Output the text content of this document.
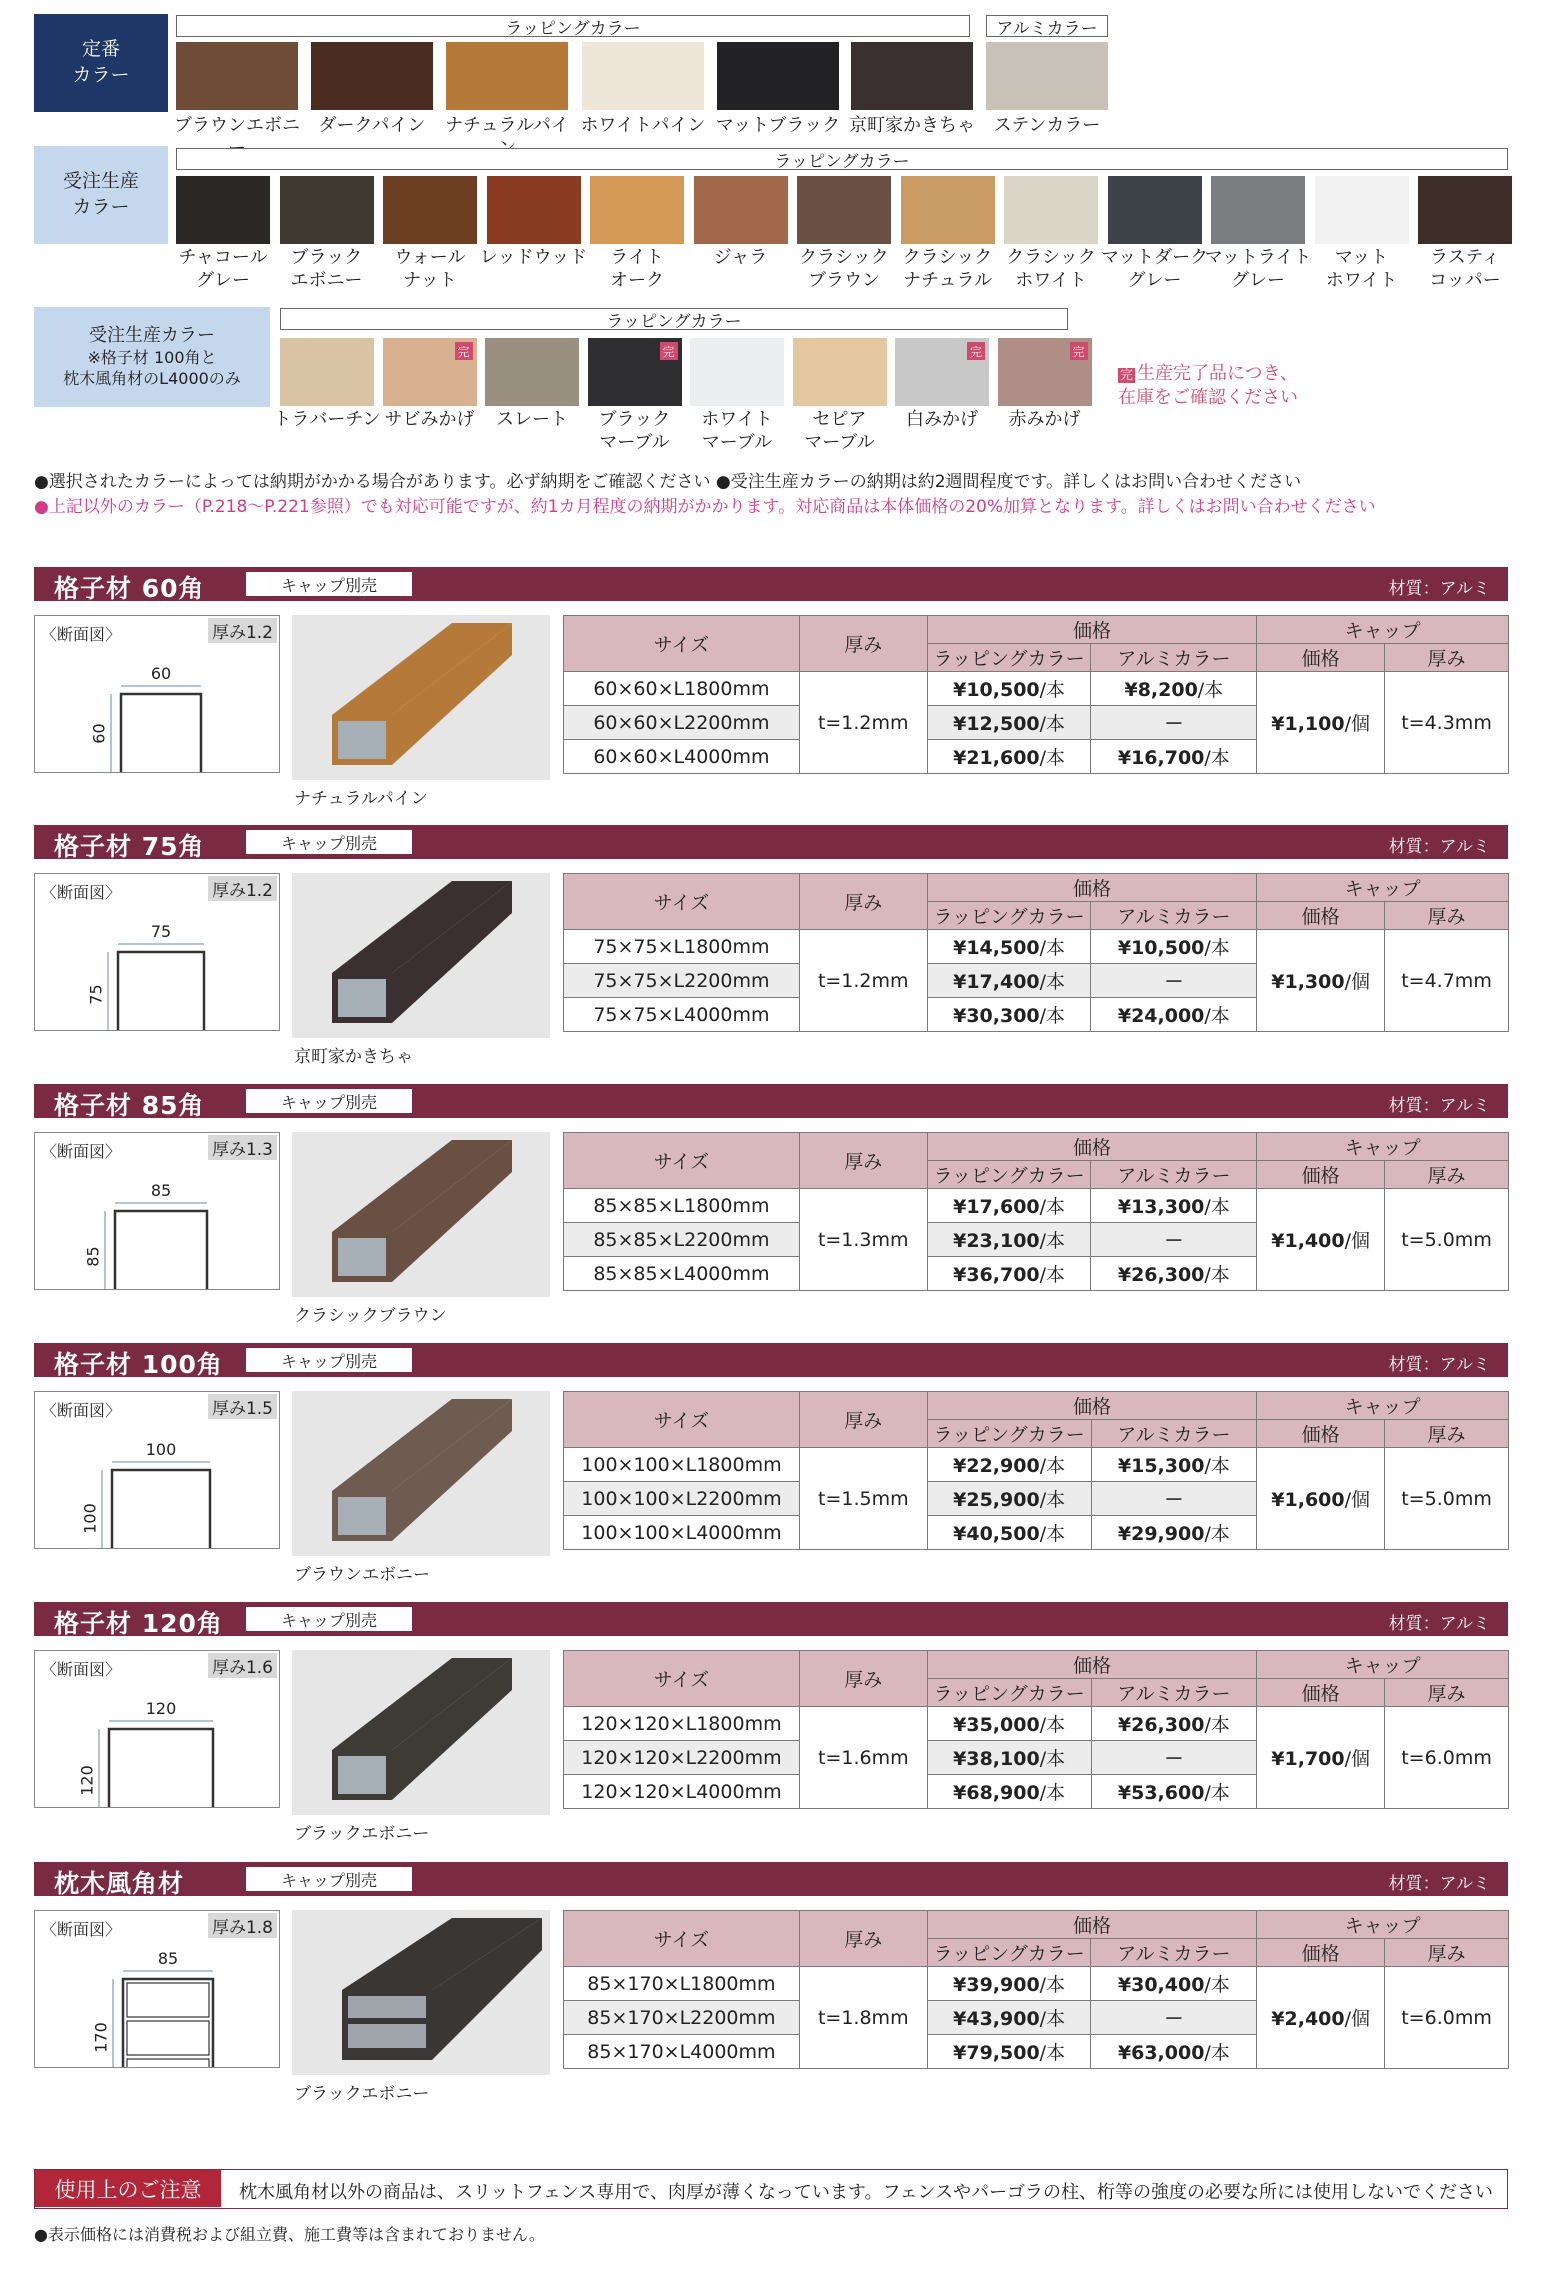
定番
カラー
ラッピングカラー	アルミカラー
ブラウンエボニ	ダークパイン	ナチュラルパイ ホワイトパイン マットブラック 京町家かきちゃ	ステンカラー
受注生産
カラー
ラッピングカラー
チャコール
グレー
ブラック
エボニー
ウォール
ナット
レッドウッド	ライト
オーク
ジャラ	クラシック
ブラウン
クラシック
ナチュラル
クラシック
ホワイト
マットダーク
グレー
マットライト
グレー
マット
ホワイト
ラスティ
コッパー
受注生産カラー
※格子材 100角と
枕木風角材のL4000のみ
ラッピングカラー
トラバーチン
完
サビみかげ	スレート
完
ブラック
マーブル
ホワイト
マーブル
セピア
マーブル
完
白みかげ
完
赤みかげ
完 生産完了品につき、
在庫をご確認ください
●選択されたカラーによっては納期がかかる場合があります。必ず納期をご確認ください ●受注生産カラーの納期は約2週間程度です。詳しくはお問い合わせください
●上記以外のカラー（P.218～P.221参照）でも対応可能ですが、約1カ月程度の納期がかかります。対応商品は本体価格の20%加算となります。詳しくはお問い合わせください
格子材 60角	キャップ別売	材質：アルミ
〈断面図〉	厚み1.2
60
60
ナチュラルパイン
サイズ	厚み	価格		キャップ	
		ラッピングカラー	アルミカラー	価格	厚み
60×60×L1800mm	t=1.2mm	¥10,500/本	¥8,200/本	¥1,100/個	t=4.3mm
60×60×L2200mm		¥12,500/本	－		
60×60×L4000mm		¥21,600/本	¥16,700/本		
格子材 75角	キャップ別売	材質：アルミ
〈断面図〉	厚み1.2
75
75
京町家かきちゃ
サイズ	厚み	価格		キャップ	
		ラッピングカラー	アルミカラー	価格	厚み
75×75×L1800mm	t=1.2mm	¥14,500/本	¥10,500/本	¥1,300/個	t=4.7mm
75×75×L2200mm		¥17,400/本	－		
75×75×L4000mm		¥30,300/本	¥24,000/本		
格子材 85角	キャップ別売	材質：アルミ
〈断面図〉	厚み1.3
85
85
クラシックブラウン
サイズ	厚み	価格		キャップ	
		ラッピングカラー	アルミカラー	価格	厚み
85×85×L1800mm	t=1.3mm	¥17,600/本	¥13,300/本	¥1,400/個	t=5.0mm
85×85×L2200mm		¥23,100/本	－		
85×85×L4000mm		¥36,700/本	¥26,300/本		
格子材 100角	キャップ別売	材質：アルミ
〈断面図〉	厚み1.5
100
100
ブラウンエボニー
サイズ	厚み	価格		キャップ	
		ラッピングカラー	アルミカラー	価格	厚み
100×100×L1800mm	t=1.5mm	¥22,900/本	¥15,300/本	¥1,600/個	t=5.0mm
100×100×L2200mm		¥25,900/本	－		
100×100×L4000mm		¥40,500/本	¥29,900/本		
格子材 120角	キャップ別売	材質：アルミ
〈断面図〉	厚み1.6
120
120
ブラックエボニー
サイズ	厚み	価格		キャップ	
		ラッピングカラー	アルミカラー	価格	厚み
120×120×L1800mm	t=1.6mm	¥35,000/本	¥26,300/本	¥1,700/個	t=6.0mm
120×120×L2200mm		¥38,100/本	－		
120×120×L4000mm		¥68,900/本	¥53,600/本		
枕木風角材	キャップ別売	材質：アルミ
〈断面図〉	厚み1.8
85
170
ブラックエボニー
サイズ	厚み	価格		キャップ	
		ラッピングカラー	アルミカラー	価格	厚み
85×170×L1800mm	t=1.8mm	¥39,900/本	¥30,400/本	¥2,400/個	t=6.0mm
85×170×L2200mm		¥43,900/本	－		
85×170×L4000mm		¥79,500/本	¥63,000/本		
使用上のご注意	枕木風角材以外の商品は、スリットフェンス専用で、肉厚が薄くなっています。フェンスやパーゴラの柱、桁等の強度の必要な所には使用しないでください
●表示価格には消費税および組立費、施工費等は含まれておりません。
